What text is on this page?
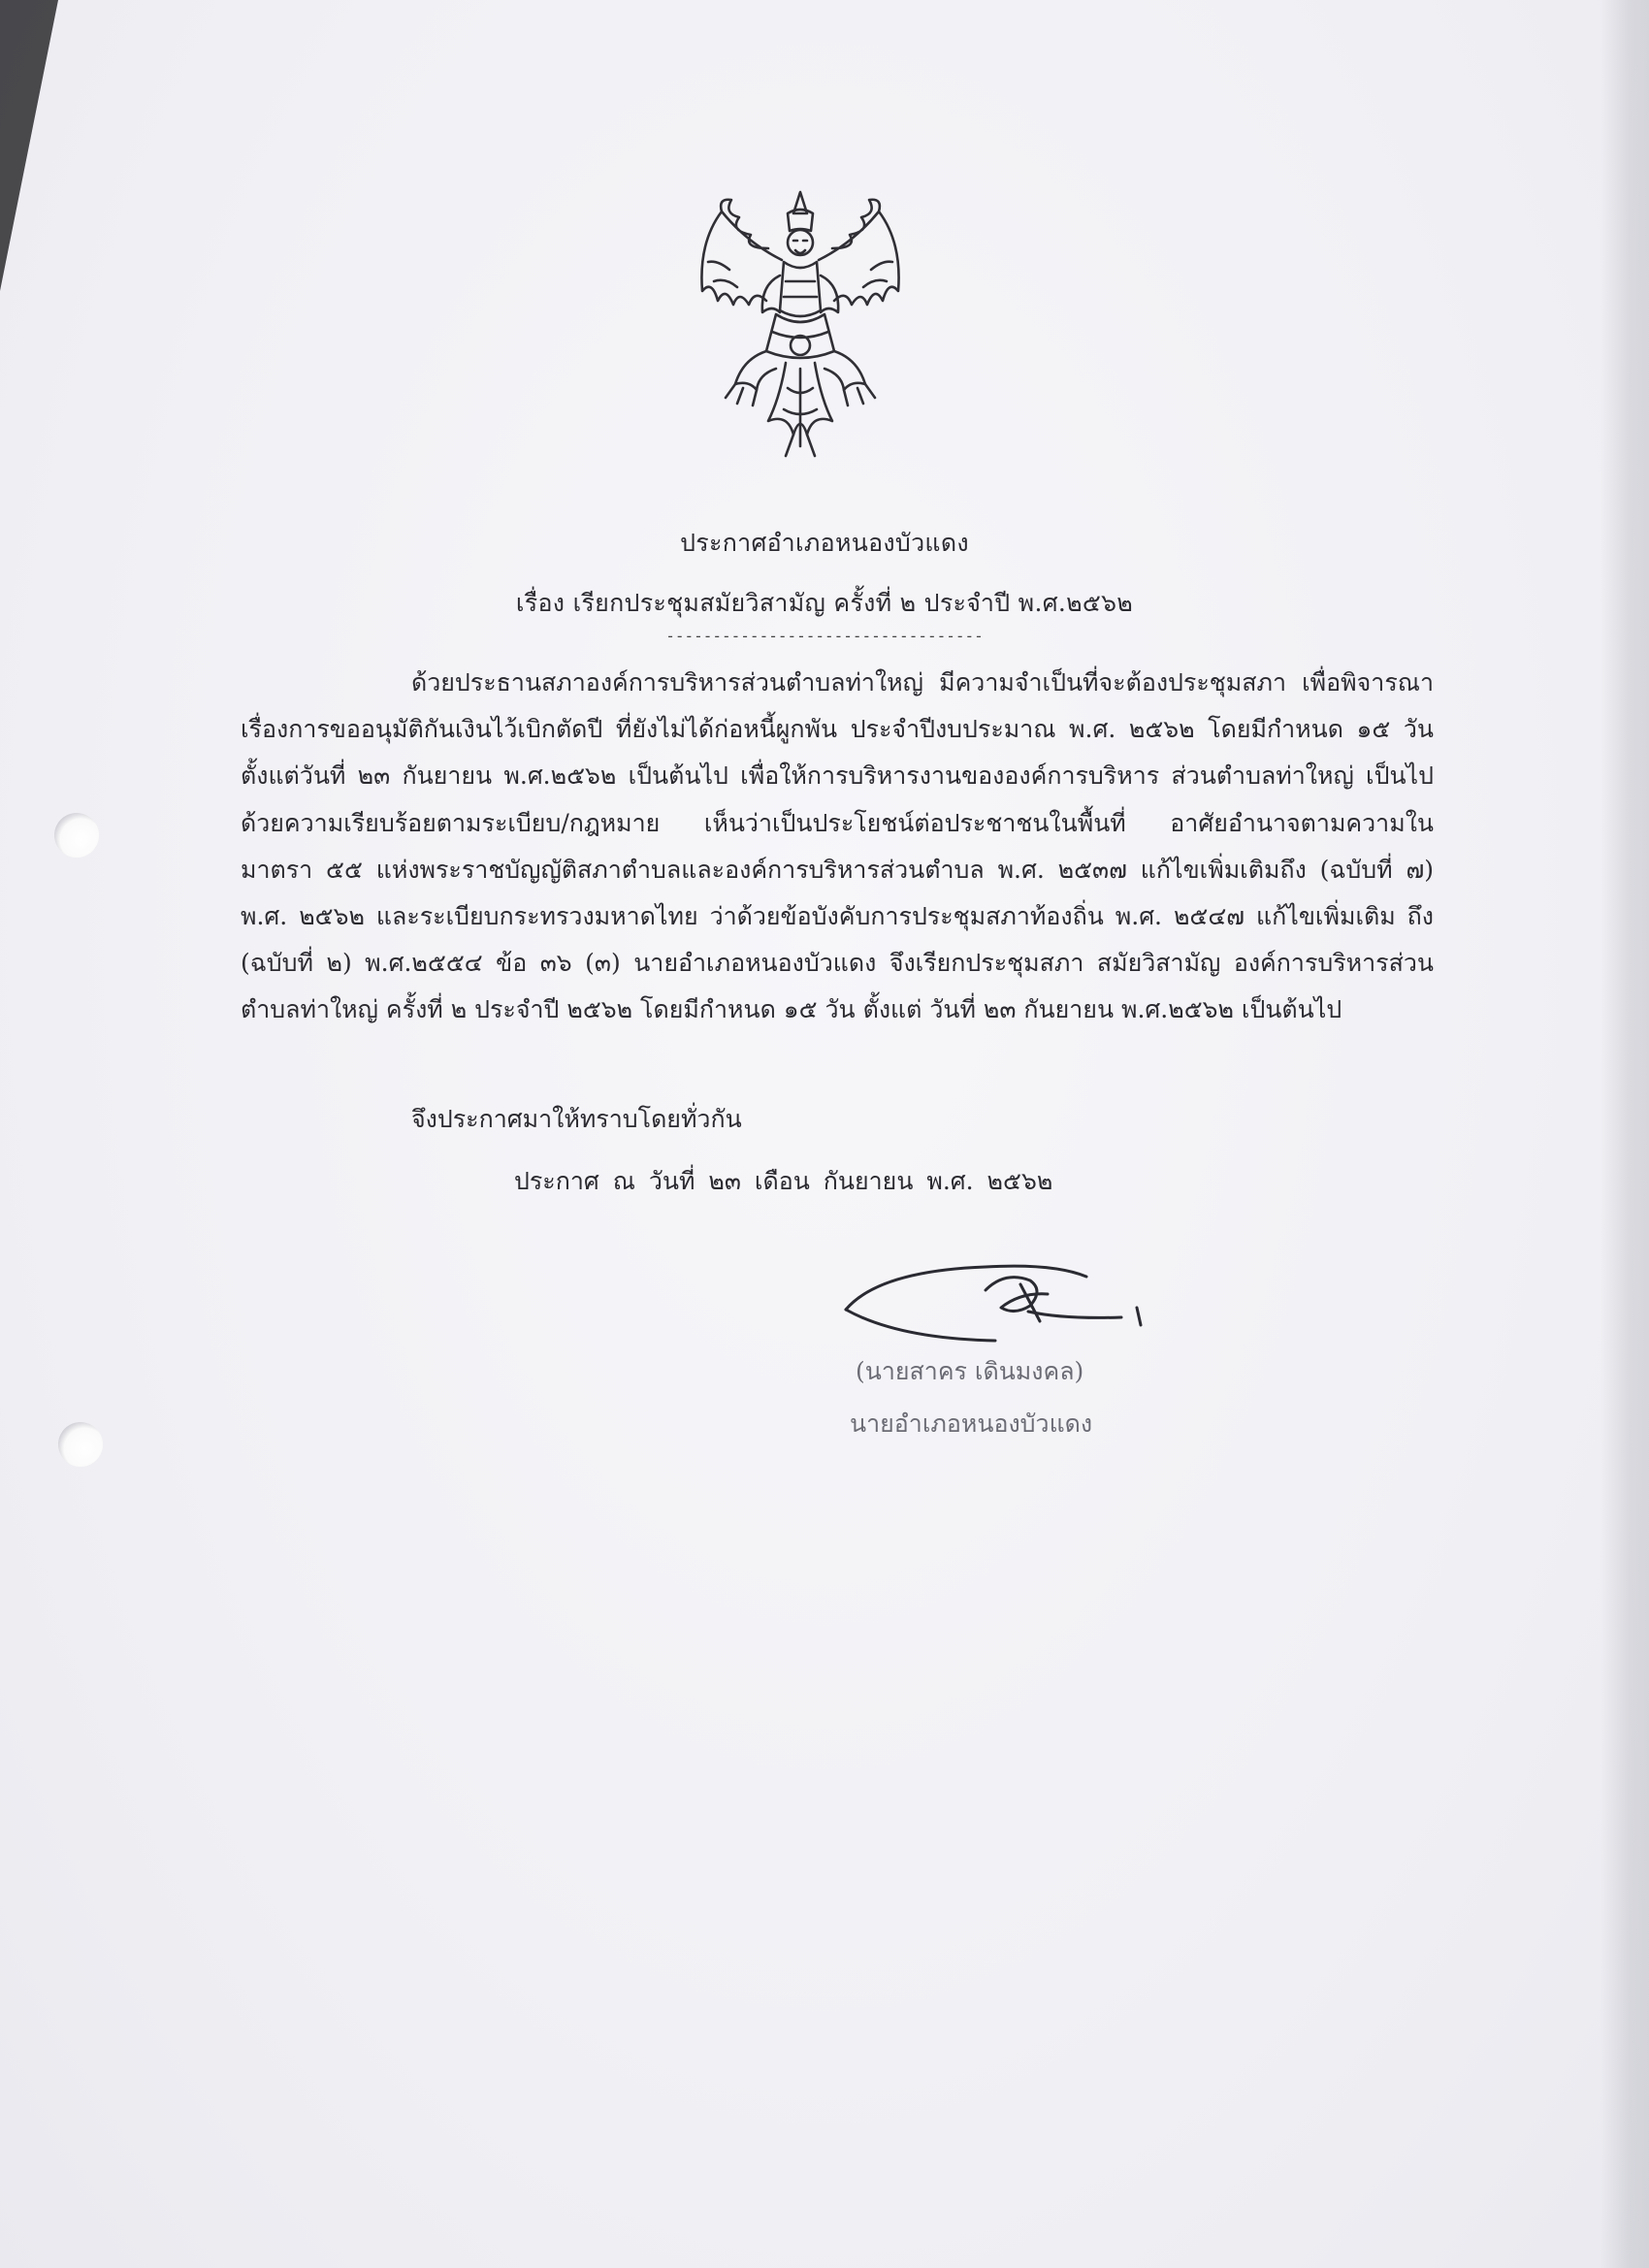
ประกาศอำเภอหนองบัวแดง
เรื่อง เรียกประชุมสมัยวิสามัญ ครั้งที่ ๒ ประจำปี พ.ศ.๒๕๖๒
----------------------------------

ด้วยประธานสภาองค์การบริหารส่วนตำบลท่าใหญ่ มีความจำเป็นที่จะต้องประชุมสภา เพื่อพิจารณาเรื่องการขออนุมัติกันเงินไว้เบิกตัดปี ที่ยังไม่ได้ก่อหนี้ผูกพัน ประจำปีงบประมาณ พ.ศ. ๒๕๖๒ โดยมีกำหนด ๑๕ วัน ตั้งแต่วันที่ ๒๓ กันยายน พ.ศ.๒๕๖๒ เป็นต้นไป เพื่อให้การบริหารงานขององค์การบริหาร ส่วนตำบลท่าใหญ่ เป็นไปด้วยความเรียบร้อยตามระเบียบ/กฎหมาย เห็นว่าเป็นประโยชน์ต่อประชาชนในพื้นที่ อาศัยอำนาจตามความใน มาตรา ๕๕ แห่งพระราชบัญญัติสภาตำบลและองค์การบริหารส่วนตำบล พ.ศ. ๒๕๓๗ แก้ไขเพิ่มเติมถึง (ฉบับที่ ๗) พ.ศ. ๒๕๖๒ และระเบียบกระทรวงมหาดไทย ว่าด้วยข้อบังคับการประชุมสภาท้องถิ่น พ.ศ. ๒๕๔๗ แก้ไขเพิ่มเติม ถึง (ฉบับที่ ๒) พ.ศ.๒๕๕๔ ข้อ ๓๖ (๓) นายอำเภอหนองบัวแดง จึงเรียกประชุมสภา สมัยวิสามัญ องค์การบริหารส่วนตำบลท่าใหญ่ ครั้งที่ ๒ ประจำปี ๒๕๖๒ โดยมีกำหนด ๑๕ วัน ตั้งแต่ วันที่ ๒๓ กันยายน พ.ศ.๒๕๖๒ เป็นต้นไป

จึงประกาศมาให้ทราบโดยทั่วกัน
ประกาศ ณ วันที่ ๒๓ เดือน กันยายน พ.ศ. ๒๕๖๒
(นายสาคร เดินมงคล)
นายอำเภอหนองบัวแดง
